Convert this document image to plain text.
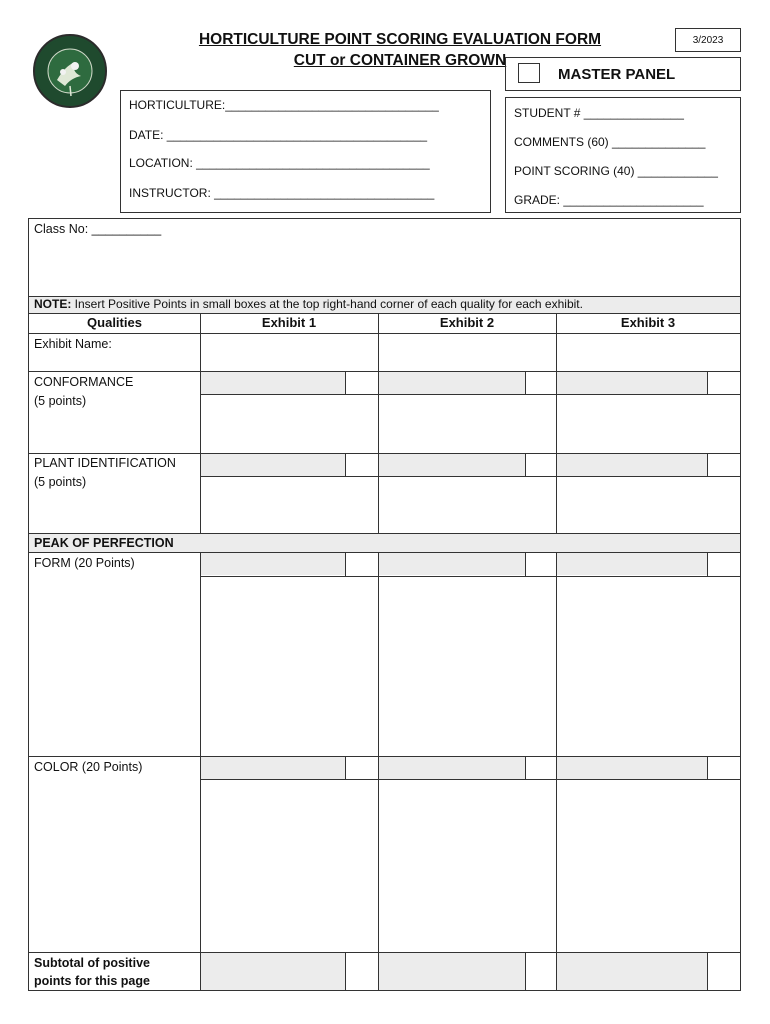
HORTICULTURE POINT SCORING EVALUATION FORM
CUT or CONTAINER GROWN
3/2023
MASTER PANEL
HORTICULTURE:________________________________
DATE: _______________________________________
LOCATION: ___________________________________
INSTRUCTOR: _________________________________
STUDENT # _______________
COMMENTS (60) ______________
POINT SCORING (40) ____________
GRADE: _____________________
Class No: __________
NOTE: Insert Positive Points in small boxes at the top right-hand corner of each quality for each exhibit.
Qualities	Exhibit 1	Exhibit 2	Exhibit 3
Exhibit Name:
CONFORMANCE
(5 points)
PLANT IDENTIFICATION
(5 points)
PEAK OF PERFECTION
FORM (20 Points)
COLOR (20 Points)
Subtotal of positive
points for this page
